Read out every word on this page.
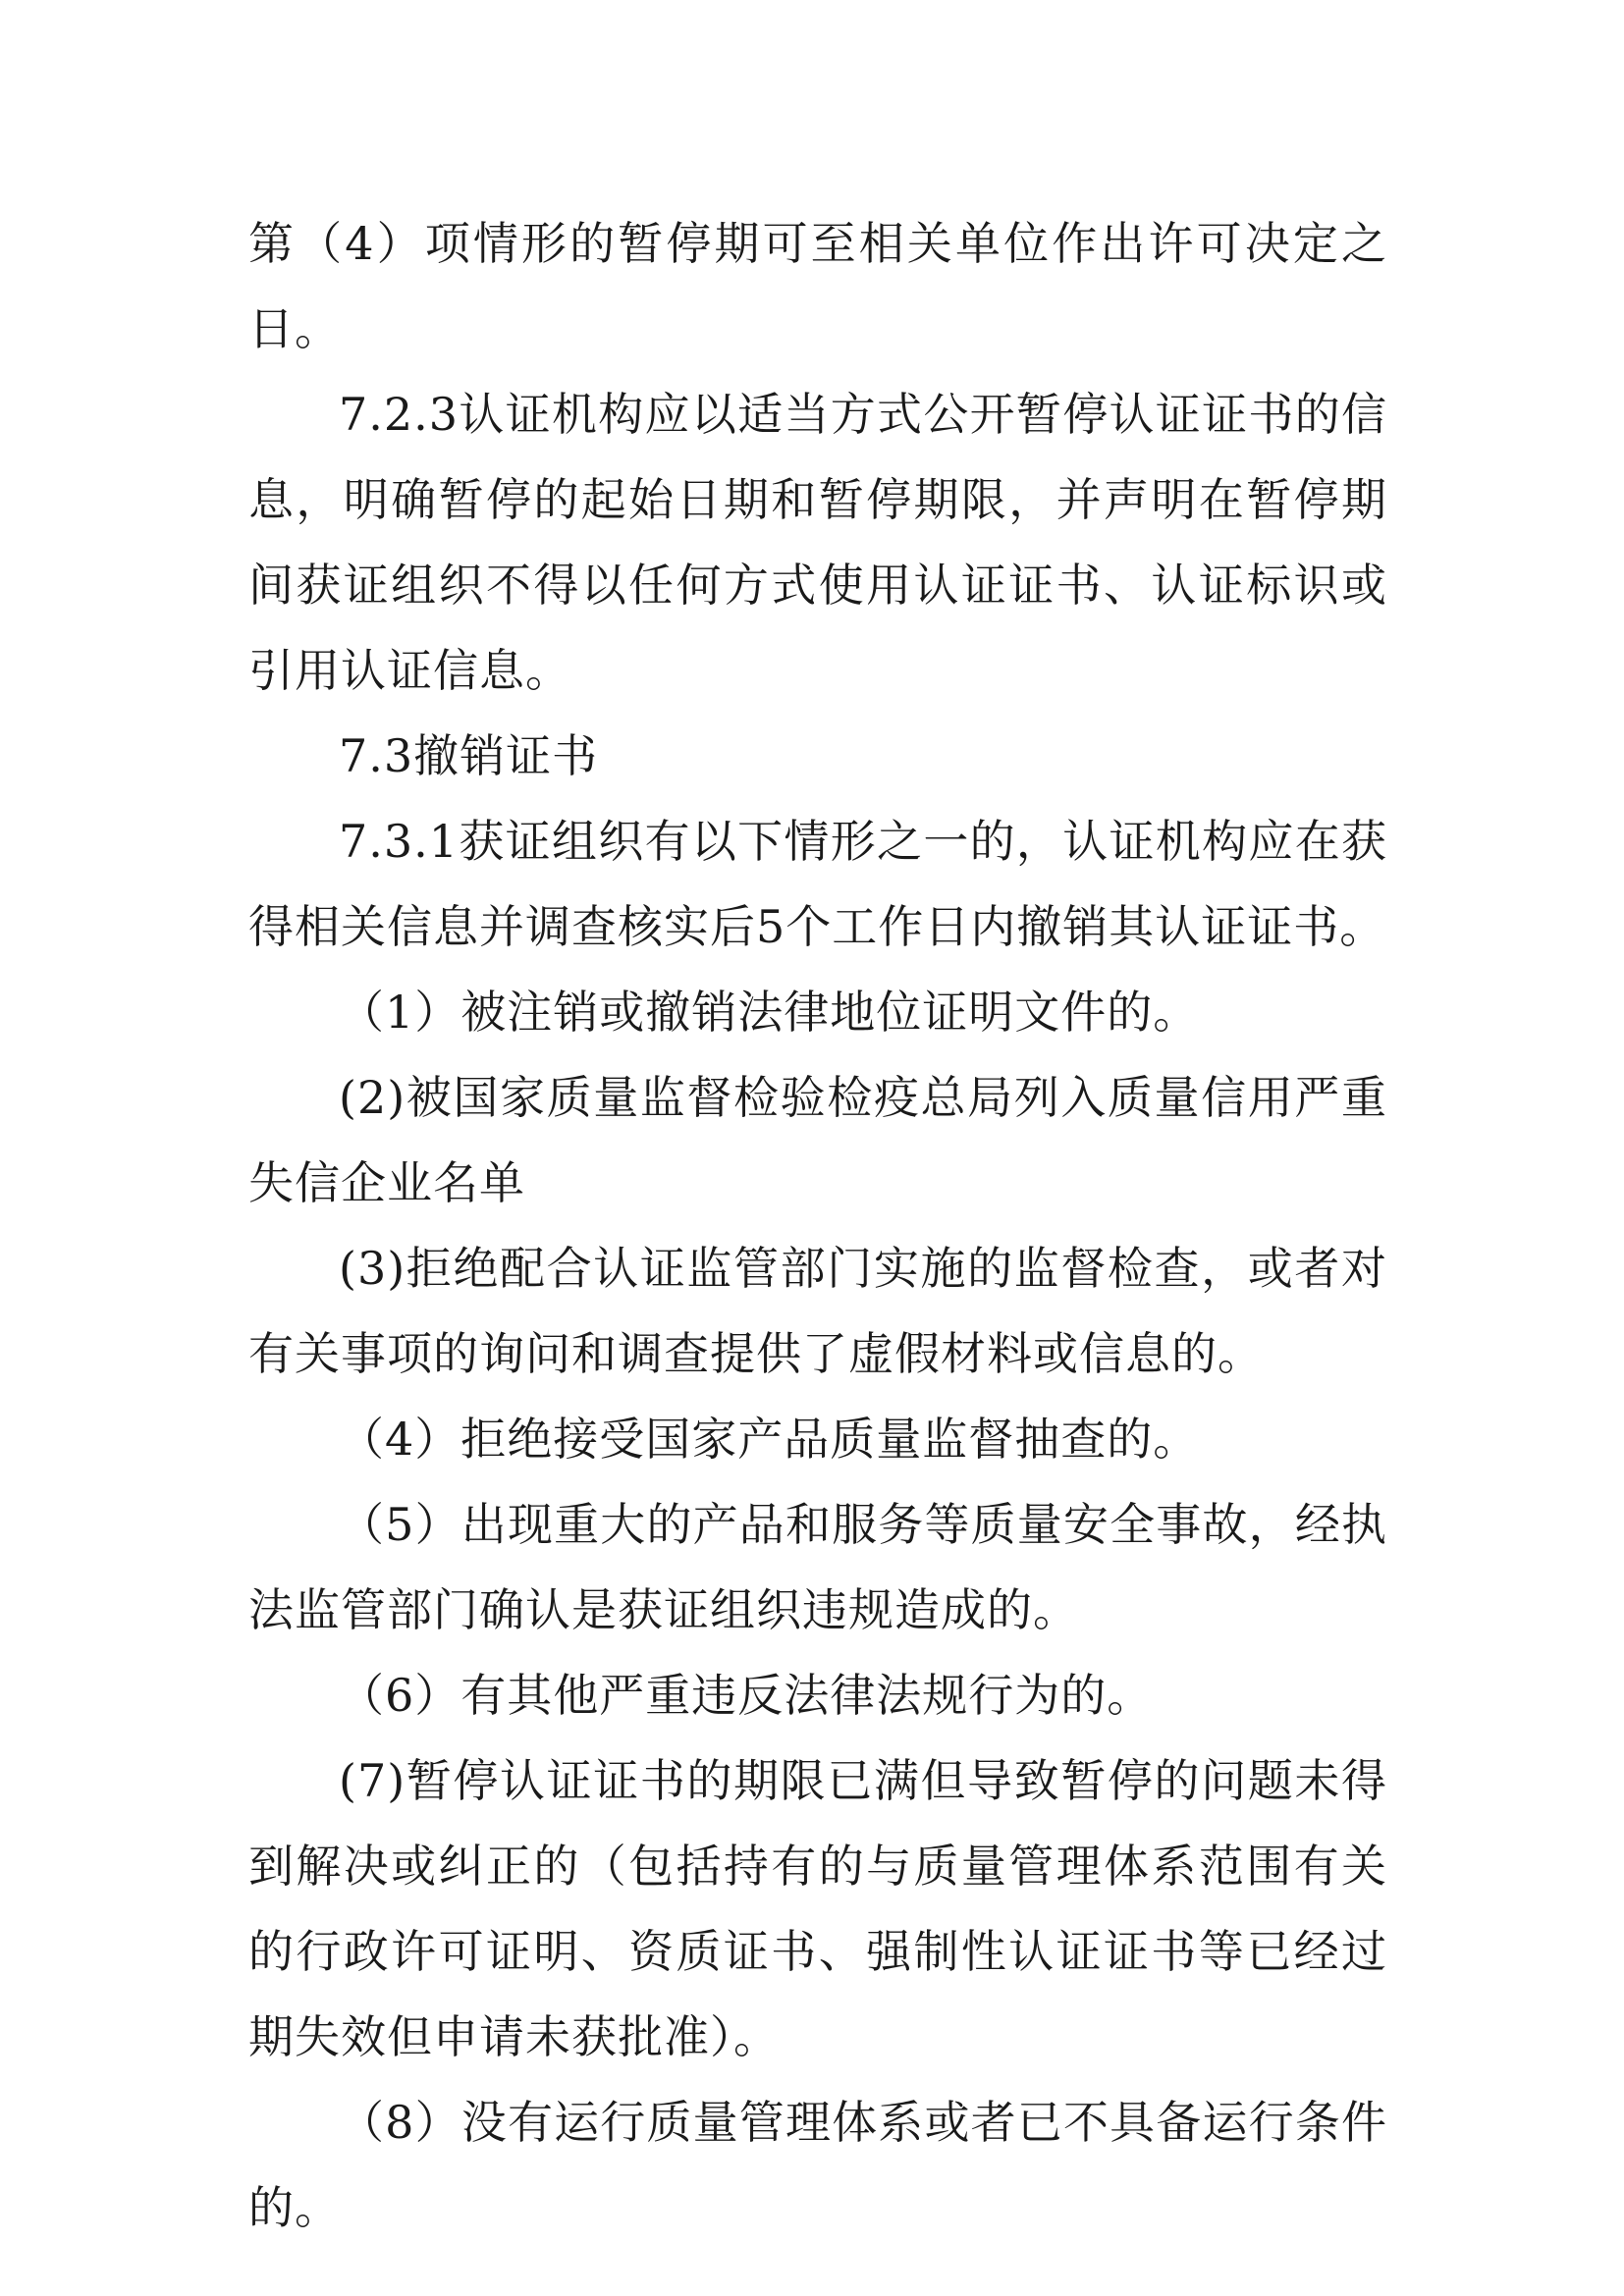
第（4）项情形的暂停期可至相关单位作出许可决定之日。

7.2.3认证机构应以适当方式公开暂停认证证书的信息，明确暂停的起始日期和暂停期限，并声明在暂停期间获证组织不得以任何方式使用认证证书、认证标识或引用认证信息。

7.3撤销证书

7.3.1获证组织有以下情形之一的，认证机构应在获得相关信息并调查核实后5个工作日内撤销其认证证书。

（1）被注销或撤销法律地位证明文件的。

(2)被国家质量监督检验检疫总局列入质量信用严重失信企业名单

(3)拒绝配合认证监管部门实施的监督检查，或者对有关事项的询问和调查提供了虚假材料或信息的。

（4）拒绝接受国家产品质量监督抽查的。

（5）出现重大的产品和服务等质量安全事故，经执法监管部门确认是获证组织违规造成的。

（6）有其他严重违反法律法规行为的。

(7)暂停认证证书的期限已满但导致暂停的问题未得到解决或纠正的（包括持有的与质量管理体系范围有关的行政许可证明、资质证书、强制性认证证书等已经过期失效但申请未获批准）。

（8）没有运行质量管理体系或者已不具备运行条件的。
